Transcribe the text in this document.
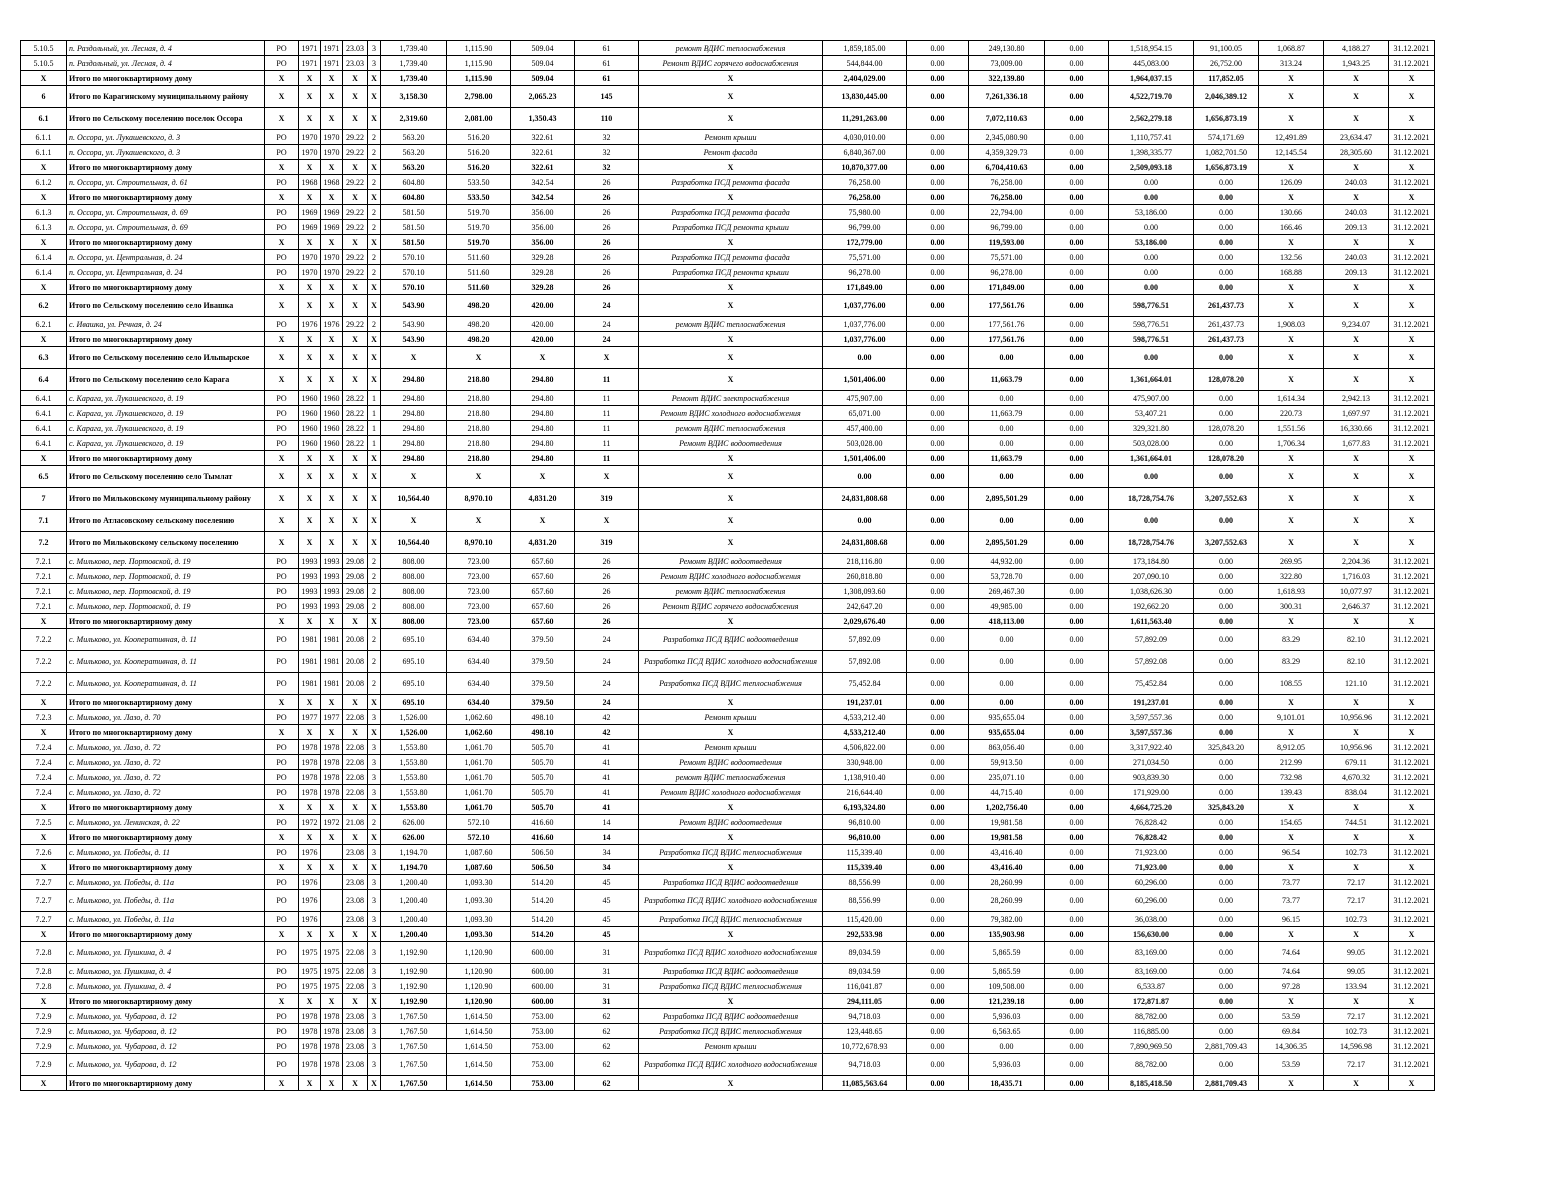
5.10.5	п. Раздольный, ул. Лесная, д. 4	РО	1971	1971	23.03	3	1,739.40	1,115.90	509.04	61	ремонт ВДИС теплоснабжения	1,859,185.00	0.00	249,130.80	0.00	1,518,954.15	91,100.05	1,068.87	4,188.27	31.12.2021
5.10.5	п. Раздольный, ул. Лесная, д. 4	РО	1971	1971	23.03	3	1,739.40	1,115.90	509.04	61	Ремонт ВДИС горячего водоснабжения	544,844.00	0.00	73,009.00	0.00	445,083.00	26,752.00	313.24	1,943.25	31.12.2021
X	Итого по многоквартирному дому	X	X	X	X	X	1,739.40	1,115.90	509.04	61	X	2,404,029.00	0.00	322,139.80	0.00	1,964,037.15	117,852.05	X	X	X
6	Итого по Карагинскому муниципальному району	X	X	X	X	X	3,158.30	2,798.00	2,065.23	145	X	13,830,445.00	0.00	7,261,336.18	0.00	4,522,719.70	2,046,389.12	X	X	X
6.1	Итого по Сельскому поселению поселок Оссора	X	X	X	X	X	2,319.60	2,081.00	1,350.43	110	X	11,291,263.00	0.00	7,072,110.63	0.00	2,562,279.18	1,656,873.19	X	X	X
6.1.1	п. Оссора, ул. Лукашевского, д. 3	РО	1970	1970	29.22	2	563.20	516.20	322.61	32	Ремонт крыши	4,030,010.00	0.00	2,345,080.90	0.00	1,110,757.41	574,171.69	12,491.89	23,634.47	31.12.2021
6.1.1	п. Оссора, ул. Лукашевского, д. 3	РО	1970	1970	29.22	2	563.20	516.20	322.61	32	Ремонт фасада	6,840,367.00	0.00	4,359,329.73	0.00	1,398,335.77	1,082,701.50	12,145.54	28,305.60	31.12.2021
X	Итого по многоквартирному дому	X	X	X	X	X	563.20	516.20	322.61	32	X	10,870,377.00	0.00	6,704,410.63	0.00	2,509,093.18	1,656,873.19	X	X	X
6.1.2	п. Оссора, ул. Строительная, д. 61	РО	1968	1968	29.22	2	604.80	533.50	342.54	26	Разработка ПСД ремонта фасада	76,258.00	0.00	76,258.00	0.00	0.00	0.00	126.09	240.03	31.12.2021
X	Итого по многоквартирному дому	X	X	X	X	X	604.80	533.50	342.54	26	X	76,258.00	0.00	76,258.00	0.00	0.00	0.00	X	X	X
6.1.3	п. Оссора, ул. Строительная, д. 69	РО	1969	1969	29.22	2	581.50	519.70	356.00	26	Разработка ПСД ремонта фасада	75,980.00	0.00	22,794.00	0.00	53,186.00	0.00	130.66	240.03	31.12.2021
6.1.3	п. Оссора, ул. Строительная, д. 69	РО	1969	1969	29.22	2	581.50	519.70	356.00	26	Разработка ПСД ремонта крыши	96,799.00	0.00	96,799.00	0.00	0.00	0.00	166.46	209.13	31.12.2021
X	Итого по многоквартирному дому	X	X	X	X	X	581.50	519.70	356.00	26	X	172,779.00	0.00	119,593.00	0.00	53,186.00	0.00	X	X	X
6.1.4	п. Оссора, ул. Центральная, д. 24	РО	1970	1970	29.22	2	570.10	511.60	329.28	26	Разработка ПСД ремонта фасада	75,571.00	0.00	75,571.00	0.00	0.00	0.00	132.56	240.03	31.12.2021
6.1.4	п. Оссора, ул. Центральная, д. 24	РО	1970	1970	29.22	2	570.10	511.60	329.28	26	Разработка ПСД ремонта крыши	96,278.00	0.00	96,278.00	0.00	0.00	0.00	168.88	209.13	31.12.2021
X	Итого по многоквартирному дому	X	X	X	X	X	570.10	511.60	329.28	26	X	171,849.00	0.00	171,849.00	0.00	0.00	0.00	X	X	X
6.2	Итого по Сельскому поселению село Ивашка	X	X	X	X	X	543.90	498.20	420.00	24	X	1,037,776.00	0.00	177,561.76	0.00	598,776.51	261,437.73	X	X	X
6.2.1	с. Ивашка, ул. Речная, д. 24	РО	1976	1976	29.22	2	543.90	498.20	420.00	24	ремонт ВДИС теплоснабжения	1,037,776.00	0.00	177,561.76	0.00	598,776.51	261,437.73	1,908.03	9,234.07	31.12.2021
X	Итого по многоквартирному дому	X	X	X	X	X	543.90	498.20	420.00	24	X	1,037,776.00	0.00	177,561.76	0.00	598,776.51	261,437.73	X	X	X
6.3	Итого по Сельскому поселению село Ильпырское	X	X	X	X	X	X	X	X	X	X	0.00	0.00	0.00	0.00	0.00	0.00	X	X	X
6.4	Итого по Сельскому поселению село Карага	X	X	X	X	X	294.80	218.80	294.80	11	X	1,501,406.00	0.00	11,663.79	0.00	1,361,664.01	128,078.20	X	X	X
6.4.1	с. Карага, ул. Лукашевского, д. 19	РО	1960	1960	28.22	1	294.80	218.80	294.80	11	Ремонт ВДИС электроснабжения	475,907.00	0.00	0.00	0.00	475,907.00	0.00	1,614.34	2,942.13	31.12.2021
6.4.1	с. Карага, ул. Лукашевского, д. 19	РО	1960	1960	28.22	1	294.80	218.80	294.80	11	Ремонт ВДИС холодного водоснабжения	65,071.00	0.00	11,663.79	0.00	53,407.21	0.00	220.73	1,697.97	31.12.2021
6.4.1	с. Карага, ул. Лукашевского, д. 19	РО	1960	1960	28.22	1	294.80	218.80	294.80	11	ремонт ВДИС теплоснабжения	457,400.00	0.00	0.00	0.00	329,321.80	128,078.20	1,551.56	16,330.66	31.12.2021
6.4.1	с. Карага, ул. Лукашевского, д. 19	РО	1960	1960	28.22	1	294.80	218.80	294.80	11	Ремонт ВДИС водоотведения	503,028.00	0.00	0.00	0.00	503,028.00	0.00	1,706.34	1,677.83	31.12.2021
X	Итого по многоквартирному дому	X	X	X	X	X	294.80	218.80	294.80	11	X	1,501,406.00	0.00	11,663.79	0.00	1,361,664.01	128,078.20	X	X	X
6.5	Итого по Сельскому поселению село Тымлат	X	X	X	X	X	X	X	X	X	X	0.00	0.00	0.00	0.00	0.00	0.00	X	X	X
7	Итого по Мильковскому муниципальному району	X	X	X	X	X	10,564.40	8,970.10	4,831.20	319	X	24,831,808.68	0.00	2,895,501.29	0.00	18,728,754.76	3,207,552.63	X	X	X
7.1	Итого по Атласовскому сельскому поселению	X	X	X	X	X	X	X	X	X	X	0.00	0.00	0.00	0.00	0.00	0.00	X	X	X
7.2	Итого по Мильковскому сельскому поселению	X	X	X	X	X	10,564.40	8,970.10	4,831.20	319	X	24,831,808.68	0.00	2,895,501.29	0.00	18,728,754.76	3,207,552.63	X	X	X
7.2.1	с. Мильково, пер. Портовской, д. 19	РО	1993	1993	29.08	2	808.00	723.00	657.60	26	Ремонт ВДИС водоотведения	218,116.80	0.00	44,932.00	0.00	173,184.80	0.00	269.95	2,204.36	31.12.2021
7.2.1	с. Мильково, пер. Портовской, д. 19	РО	1993	1993	29.08	2	808.00	723.00	657.60	26	Ремонт ВДИС холодного водоснабжения	260,818.80	0.00	53,728.70	0.00	207,090.10	0.00	322.80	1,716.03	31.12.2021
7.2.1	с. Мильково, пер. Портовской, д. 19	РО	1993	1993	29.08	2	808.00	723.00	657.60	26	ремонт ВДИС теплоснабжения	1,308,093.60	0.00	269,467.30	0.00	1,038,626.30	0.00	1,618.93	10,077.97	31.12.2021
7.2.1	с. Мильково, пер. Портовской, д. 19	РО	1993	1993	29.08	2	808.00	723.00	657.60	26	Ремонт ВДИС горячего водоснабжения	242,647.20	0.00	49,985.00	0.00	192,662.20	0.00	300.31	2,646.37	31.12.2021
X	Итого по многоквартирному дому	X	X	X	X	X	808.00	723.00	657.60	26	X	2,029,676.40	0.00	418,113.00	0.00	1,611,563.40	0.00	X	X	X
7.2.2	с. Мильково, ул. Кооперативная, д. 11	РО	1981	1981	20.08	2	695.10	634.40	379.50	24	Разработка ПСД ВДИС водоотведения	57,892.09	0.00	0.00	0.00	57,892.09	0.00	83.29	82.10	31.12.2021
7.2.2	с. Мильково, ул. Кооперативная, д. 11	РО	1981	1981	20.08	2	695.10	634.40	379.50	24	Разработка ПСД ВДИС холодного водоснабжения	57,892.08	0.00	0.00	0.00	57,892.08	0.00	83.29	82.10	31.12.2021
7.2.2	с. Мильково, ул. Кооперативная, д. 11	РО	1981	1981	20.08	2	695.10	634.40	379.50	24	Разработка ПСД ВДИС теплоснабжения	75,452.84	0.00	0.00	0.00	75,452.84	0.00	108.55	121.10	31.12.2021
X	Итого по многоквартирному дому	X	X	X	X	X	695.10	634.40	379.50	24	X	191,237.01	0.00	0.00	0.00	191,237.01	0.00	X	X	X
7.2.3	с. Мильково, ул. Лазо, д. 70	РО	1977	1977	22.08	3	1,526.00	1,062.60	498.10	42	Ремонт крыши	4,533,212.40	0.00	935,655.04	0.00	3,597,557.36	0.00	9,101.01	10,956.96	31.12.2021
X	Итого по многоквартирному дому	X	X	X	X	X	1,526.00	1,062.60	498.10	42	X	4,533,212.40	0.00	935,655.04	0.00	3,597,557.36	0.00	X	X	X
7.2.4	с. Мильково, ул. Лазо, д. 72	РО	1978	1978	22.08	3	1,553.80	1,061.70	505.70	41	Ремонт крыши	4,506,822.00	0.00	863,056.40	0.00	3,317,922.40	325,843.20	8,912.05	10,956.96	31.12.2021
7.2.4	с. Мильково, ул. Лазо, д. 72	РО	1978	1978	22.08	3	1,553.80	1,061.70	505.70	41	Ремонт ВДИС водоотведения	330,948.00	0.00	59,913.50	0.00	271,034.50	0.00	212.99	679.11	31.12.2021
7.2.4	с. Мильково, ул. Лазо, д. 72	РО	1978	1978	22.08	3	1,553.80	1,061.70	505.70	41	ремонт ВДИС теплоснабжения	1,138,910.40	0.00	235,071.10	0.00	903,839.30	0.00	732.98	4,670.32	31.12.2021
7.2.4	с. Мильково, ул. Лазо, д. 72	РО	1978	1978	22.08	3	1,553.80	1,061.70	505.70	41	Ремонт ВДИС холодного водоснабжения	216,644.40	0.00	44,715.40	0.00	171,929.00	0.00	139.43	838.04	31.12.2021
X	Итого по многоквартирному дому	X	X	X	X	X	1,553.80	1,061.70	505.70	41	X	6,193,324.80	0.00	1,202,756.40	0.00	4,664,725.20	325,843.20	X	X	X
7.2.5	с. Мильково, ул. Ленинская, д. 22	РО	1972	1972	21.08	2	626.00	572.10	416.60	14	Ремонт ВДИС водоотведения	96,810.00	0.00	19,981.58	0.00	76,828.42	0.00	154.65	744.51	31.12.2021
X	Итого по многоквартирному дому	X	X	X	X	X	626.00	572.10	416.60	14	X	96,810.00	0.00	19,981.58	0.00	76,828.42	0.00	X	X	X
7.2.6	с. Мильково, ул. Победы, д. 11	РО	1976		23.08	3	1,194.70	1,087.60	506.50	34	Разработка ПСД ВДИС теплоснабжения	115,339.40	0.00	43,416.40	0.00	71,923.00	0.00	96.54	102.73	31.12.2021
X	Итого по многоквартирному дому	X	X	X	X	X	1,194.70	1,087.60	506.50	34	X	115,339.40	0.00	43,416.40	0.00	71,923.00	0.00	X	X	X
7.2.7	с. Мильково, ул. Победы, д. 11а	РО	1976		23.08	3	1,200.40	1,093.30	514.20	45	Разработка ПСД ВДИС водоотведения	88,556.99	0.00	28,260.99	0.00	60,296.00	0.00	73.77	72.17	31.12.2021
7.2.7	с. Мильково, ул. Победы, д. 11а	РО	1976		23.08	3	1,200.40	1,093.30	514.20	45	Разработка ПСД ВДИС холодного водоснабжения	88,556.99	0.00	28,260.99	0.00	60,296.00	0.00	73.77	72.17	31.12.2021
7.2.7	с. Мильково, ул. Победы, д. 11а	РО	1976		23.08	3	1,200.40	1,093.30	514.20	45	Разработка ПСД ВДИС теплоснабжения	115,420.00	0.00	79,382.00	0.00	36,038.00	0.00	96.15	102.73	31.12.2021
X	Итого по многоквартирному дому	X	X	X	X	X	1,200.40	1,093.30	514.20	45	X	292,533.98	0.00	135,903.98	0.00	156,630.00	0.00	X	X	X
7.2.8	с. Мильково, ул. Пушкина, д. 4	РО	1975	1975	22.08	3	1,192.90	1,120.90	600.00	31	Разработка ПСД ВДИС холодного водоснабжения	89,034.59	0.00	5,865.59	0.00	83,169.00	0.00	74.64	99.05	31.12.2021
7.2.8	с. Мильково, ул. Пушкина, д. 4	РО	1975	1975	22.08	3	1,192.90	1,120.90	600.00	31	Разработка ПСД ВДИС водоотведения	89,034.59	0.00	5,865.59	0.00	83,169.00	0.00	74.64	99.05	31.12.2021
7.2.8	с. Мильково, ул. Пушкина, д. 4	РО	1975	1975	22.08	3	1,192.90	1,120.90	600.00	31	Разработка ПСД ВДИС теплоснабжения	116,041.87	0.00	109,508.00	0.00	6,533.87	0.00	97.28	133.94	31.12.2021
X	Итого по многоквартирному дому	X	X	X	X	X	1,192.90	1,120.90	600.00	31	X	294,111.05	0.00	121,239.18	0.00	172,871.87	0.00	X	X	X
7.2.9	с. Мильково, ул. Чубарова, д. 12	РО	1978	1978	23.08	3	1,767.50	1,614.50	753.00	62	Разработка ПСД ВДИС водоотведения	94,718.03	0.00	5,936.03	0.00	88,782.00	0.00	53.59	72.17	31.12.2021
7.2.9	с. Мильково, ул. Чубарова, д. 12	РО	1978	1978	23.08	3	1,767.50	1,614.50	753.00	62	Разработка ПСД ВДИС теплоснабжения	123,448.65	0.00	6,563.65	0.00	116,885.00	0.00	69.84	102.73	31.12.2021
7.2.9	с. Мильково, ул. Чубарова, д. 12	РО	1978	1978	23.08	3	1,767.50	1,614.50	753.00	62	Ремонт крыши	10,772,678.93	0.00	0.00	0.00	7,890,969.50	2,881,709.43	14,306.35	14,596.98	31.12.2021
7.2.9	с. Мильково, ул. Чубарова, д. 12	РО	1978	1978	23.08	3	1,767.50	1,614.50	753.00	62	Разработка ПСД ВДИС холодного водоснабжения	94,718.03	0.00	5,936.03	0.00	88,782.00	0.00	53.59	72.17	31.12.2021
X	Итого по многоквартирному дому	X	X	X	X	X	1,767.50	1,614.50	753.00	62	X	11,085,563.64	0.00	18,435.71	0.00	8,185,418.50	2,881,709.43	X	X	X
